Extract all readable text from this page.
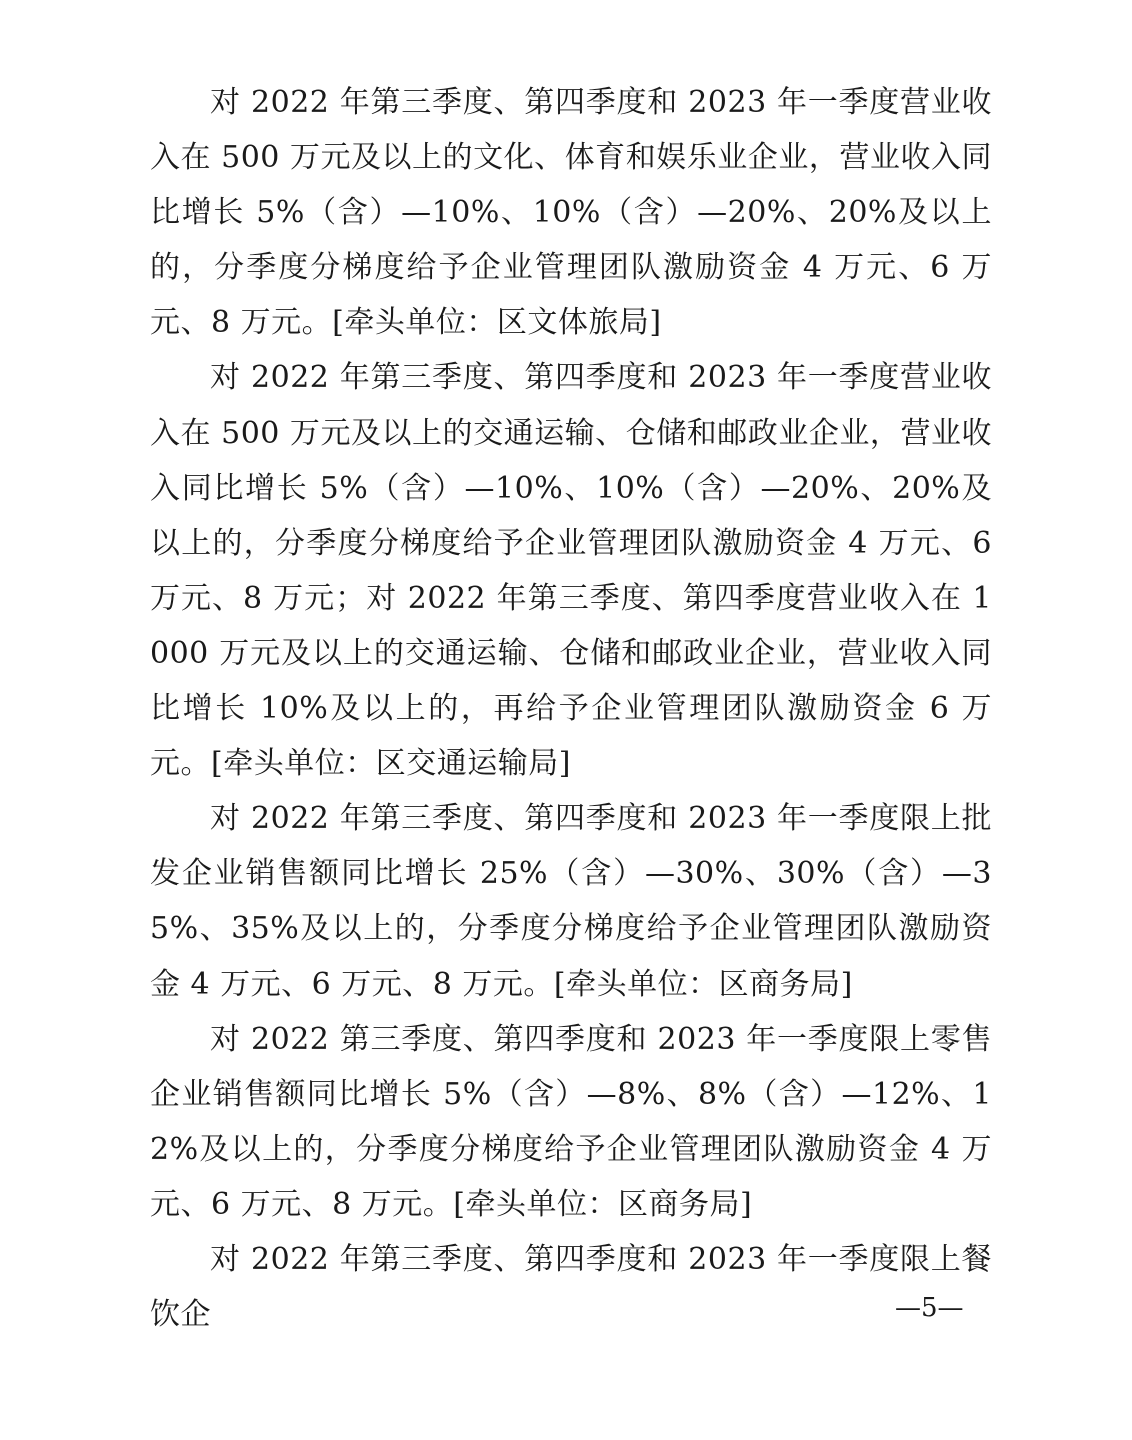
对 2022 年第三季度、第四季度和 2023 年一季度营业收入在 500 万元及以上的文化、体育和娱乐业企业，营业收入同比增长 5%（含）—10%、10%（含）—20%、20%及以上的，分季度分梯度给予企业管理团队激励资金 4 万元、6 万元、8 万元。[牵头单位：区文体旅局]

对 2022 年第三季度、第四季度和 2023 年一季度营业收入在 500 万元及以上的交通运输、仓储和邮政业企业，营业收入同比增长 5%（含）—10%、10%（含）—20%、20%及以上的，分季度分梯度给予企业管理团队激励资金 4 万元、6 万元、8 万元；对 2022 年第三季度、第四季度营业收入在 1000 万元及以上的交通运输、仓储和邮政业企业，营业收入同比增长 10%及以上的，再给予企业管理团队激励资金 6 万元。[牵头单位：区交通运输局]

对 2022 年第三季度、第四季度和 2023 年一季度限上批发企业销售额同比增长 25%（含）—30%、30%（含）—35%、35%及以上的，分季度分梯度给予企业管理团队激励资金 4 万元、6 万元、8 万元。[牵头单位：区商务局]

对 2022 第三季度、第四季度和 2023 年一季度限上零售企业销售额同比增长 5%（含）—8%、8%（含）—12%、12%及以上的，分季度分梯度给予企业管理团队激励资金 4 万元、6 万元、8 万元。[牵头单位：区商务局]

对 2022 年第三季度、第四季度和 2023 年一季度限上餐饮企	—5—
